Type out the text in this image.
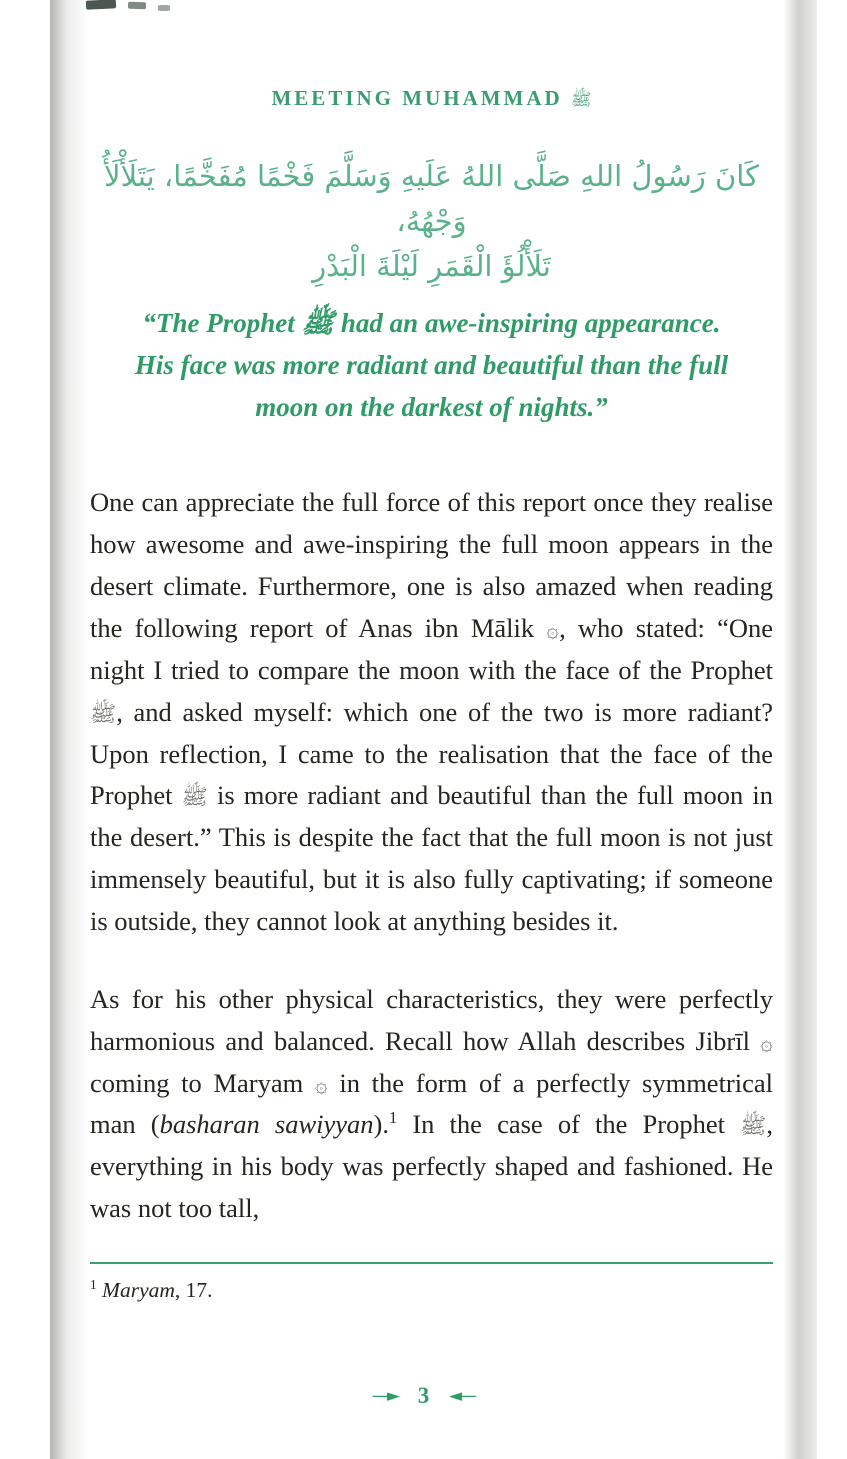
MEETING MUHAMMAD ﷺ
كَانَ رَسُولُ اللهِ صَلَّى اللهُ عَلَيهِ وَسَلَّمَ فَخْمًا مُفَخَّمًا، يَتَلَأْلَأُ وَجْهُهُ،
تَلَأْلُؤَ الْقَمَرِ لَيْلَةَ الْبَدْرِ
“The Prophet ﷺ had an awe-inspiring appearance.
His face was more radiant and beautiful than the full
moon on the darkest of nights.”
One can appreciate the full force of this report once they realise how awesome and awe-inspiring the full moon appears in the desert climate. Furthermore, one is also amazed when reading the following report of Anas ibn Mālik ۞, who stated: “One night I tried to compare the moon with the face of the Prophet ﷺ, and asked myself: which one of the two is more radiant? Upon reflection, I came to the realisation that the face of the Prophet ﷺ is more radiant and beautiful than the full moon in the desert.” This is despite the fact that the full moon is not just immensely beautiful, but it is also fully captivating; if someone is outside, they cannot look at anything besides it.
As for his other physical characteristics, they were perfectly harmonious and balanced. Recall how Allah describes Jibrīl ۞ coming to Maryam ۞ in the form of a perfectly symmetrical man (basharan sawiyyan).$^1$ In the case of the Prophet ﷺ, everything in his body was perfectly shaped and fashioned. He was not too tall,
$^1$ Maryam, 17.
—► 3 ◄—
